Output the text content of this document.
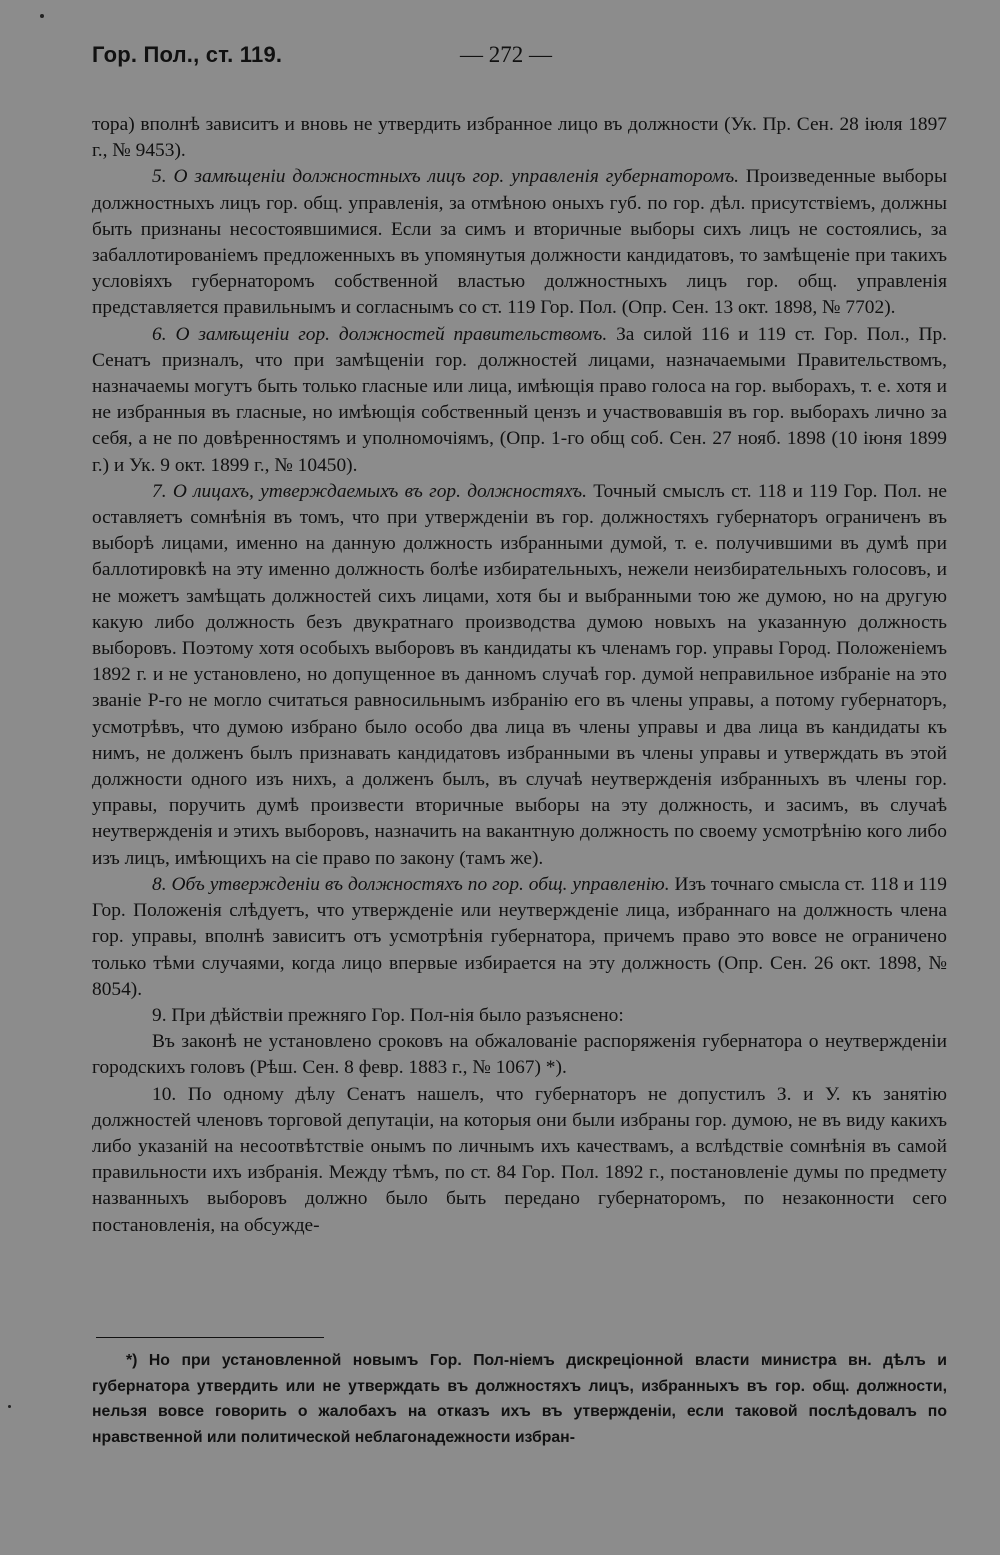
Гор. Пол., ст. 119.	— 272 —

тора) вполнѣ зависитъ и вновь не утвердить избранное лицо въ должности (Ук. Пр. Сен. 28 іюля 1897 г., № 9453).

5. О замѣщеніи должностныхъ лицъ гор. управленія губернаторомъ. Произведенные выборы должностныхъ лицъ гор. общ. управленія, за отмѣною оныхъ губ. по гор. дѣл. присутствіемъ, должны быть признаны несостоявшимися. Если за симъ и вторичные выборы сихъ лицъ не состоялись, за забаллотированіемъ предложенныхъ въ упомянутыя должности кандидатовъ, то замѣщеніе при такихъ условіяхъ губернаторомъ собственной властью должностныхъ лицъ гор. общ. управленія представляется правильнымъ и согласнымъ со ст. 119 Гор. Пол. (Опр. Сен. 13 окт. 1898, № 7702).

6. О замѣщеніи гор. должностей правительствомъ. За силой 116 и 119 ст. Гор. Пол., Пр. Сенатъ призналъ, что при замѣщеніи гор. должностей лицами, назначаемыми Правительствомъ, назначаемы могутъ быть только гласные или лица, имѣющія право голоса на гор. выборахъ, т. е. хотя и не избранныя въ гласные, но имѣющія собственный цензъ и участвовавшія въ гор. выборахъ лично за себя, а не по довѣренностямъ и уполномочіямъ, (Опр. 1-го общ соб. Сен. 27 нояб. 1898 (10 іюня 1899 г.) и Ук. 9 окт. 1899 г., № 10450).

7. О лицахъ, утверждаемыхъ въ гор. должностяхъ. Точный смыслъ ст. 118 и 119 Гор. Пол. не оставляетъ сомнѣнія въ томъ, что при утвержденіи въ гор. должностяхъ губернаторъ ограниченъ въ выборѣ лицами, именно на данную должность избранными думой, т. е. получившими въ думѣ при баллотировкѣ на эту именно должность болѣе избирательныхъ, нежели неизбирательныхъ голосовъ, и не можетъ замѣщать должностей сихъ лицами, хотя бы и выбранными тою же думою, но на другую какую либо должность безъ двукратнаго производства думою новыхъ на указанную должность выборовъ. Поэтому хотя особыхъ выборовъ въ кандидаты къ членамъ гор. управы Город. Положеніемъ 1892 г. и не установлено, но допущенное въ данномъ случаѣ гор. думой неправильное избраніе на это званіе Р-го не могло считаться равносильнымъ избранію его въ члены управы, а потому губернаторъ, усмотрѣвъ, что думою избрано было особо два лица въ члены управы и два лица въ кандидаты къ нимъ, не долженъ былъ признавать кандидатовъ избранными въ члены управы и утверждать въ этой должности одного изъ нихъ, а долженъ былъ, въ случаѣ неутвержденія избранныхъ въ члены гор. управы, поручить думѣ произвести вторичные выборы на эту должность, и засимъ, въ случаѣ неутвержденія и этихъ выборовъ, назначить на вакантную должность по своему усмотрѣнію кого либо изъ лицъ, имѣющихъ на сіе право по закону (тамъ же).

8. Объ утвержденіи въ должностяхъ по гор. общ. управленію. Изъ точнаго смысла ст. 118 и 119 Гор. Положенія слѣдуетъ, что утвержденіе или неутвержденіе лица, избраннаго на должность члена гор. управы, вполнѣ зависитъ отъ усмотрѣнія губернатора, причемъ право это вовсе не ограничено только тѣми случаями, когда лицо впервые избирается на эту должность (Опр. Сен. 26 окт. 1898, № 8054).

9. При дѣйствіи прежняго Гор. Пол-нія было разъяснено:

Въ законѣ не установлено сроковъ на обжалованіе распоряженія губернатора о неутвержденіи городскихъ головъ (Рѣш. Сен. 8 февр. 1883 г., № 1067) *).

10. По одному дѣлу Сенатъ нашелъ, что губернаторъ не допустилъ З. и У. къ занятію должностей членовъ торговой депутаціи, на которыя они были избраны гор. думою, не въ виду какихъ либо указаній на несоотвѣтствіе онымъ по личнымъ ихъ качествамъ, а вслѣдствіе сомнѣнія въ самой правильности ихъ избранія. Между тѣмъ, по ст. 84 Гор. Пол. 1892 г., постановленіе думы по предмету названныхъ выборовъ должно было быть передано губернаторомъ, по незаконности сего постановленія, на обсужде-

*) Но при установленной новымъ Гор. Пол-ніемъ дискреціонной власти министра вн. дѣлъ и губернатора утвердить или не утверждать въ должностяхъ лицъ, избранныхъ въ гор. общ. должности, нельзя вовсе говорить о жалобахъ на отказъ ихъ въ утвержденіи, если таковой послѣдовалъ по нравственной или политической неблагонадежности избран-
